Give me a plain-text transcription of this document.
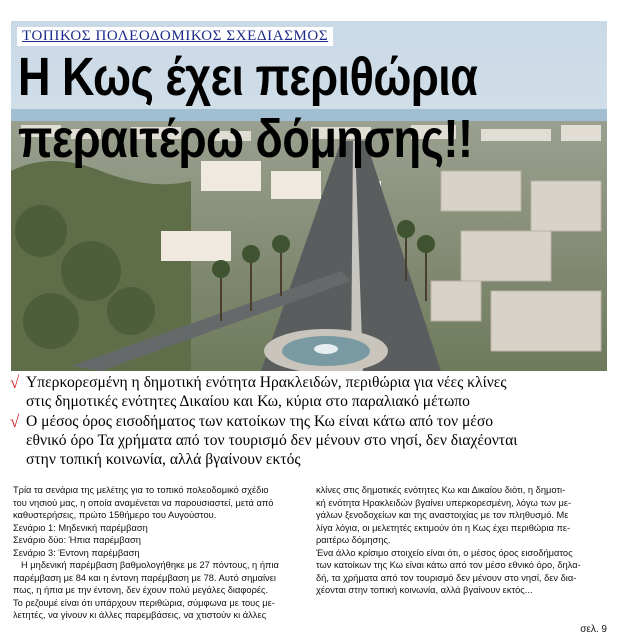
ΤΟΠΙΚΟΣ ΠΟΛΕΟΔΟΜΙΚΟΣ ΣΧΕΔΙΑΣΜΟΣ
Η Κως έχει περιθώρια
περαιτέρω δόμησης!!
√ Υπερκορεσμένη η δημοτική ενότητα Ηρακλειδών, περιθώρια για νέες κλίνες
στις δημοτικές ενότητες Δικαίου και Κω, κύρια στο παραλιακό μέτωπο
√ Ο μέσος όρος εισοδήματος των κατοίκων της Κω είναι κάτω από τον μέσο
εθνικό όρο Τα χρήματα από τον τουρισμό δεν μένουν στο νησί, δεν διαχέονται
στην τοπική κοινωνία, αλλά βγαίνουν εκτός
Τρία τα σενάρια της μελέτης για το τοπικό πολεοδομικό σχέδιο
του νησιού μας, η οποία αναμένεται να παρουσιαστεί, μετά από
καθυστερήσεις, πρώτο 15θήμερο του Αυγούστου.
Σενάριο 1: Μηδενική παρέμβαση
Σενάριο δύο: Ήπια παρέμβαση
Σενάριο 3: Έντονη παρέμβαση
Η μηδενική παρέμβαση βαθμολογήθηκε με 27 πόντους, η ήπια
παρέμβαση με 84 και η έντονη παρέμβαση με 78. Αυτό σημαίνει
πως, η ήπια με την έντονη, δεν έχουν πολύ μεγάλες διαφορές.
Το ρεζουμέ είναι ότι υπάρχουν περιθώρια, σύμφωνα με τους με-
λετητές, να γίνουν κι άλλες παρεμβάσεις, να χτιστούν κι άλλες
κλίνες στις δημοτικές ενότητες Κω και Δικαίου διότι, η δημοτι-
κή ενότητα Ηρακλειδών βγαίνει υπερκορεσμένη, λόγω των με-
γάλων ξενοδοχείων και της αναστοιχίας με τον πληθυσμό. Με
λίγα λόγια, οι μελετητές εκτιμούν ότι η Κως έχει περιθώρια πε-
ραιτέρω δόμησης.
Ένα άλλο κρίσιμο στοιχείο είναι ότι, ο μέσος όρος εισοδήματος
των κατοίκων της Κω είναι κάτω από τον μέσο εθνικό όρο, δηλα-
δή, τα χρήματα από τον τουρισμό δεν μένουν στο νησί, δεν δια-
χέονται στην τοπική κοινωνία, αλλά βγαίνουν εκτός...
σελ. 9
